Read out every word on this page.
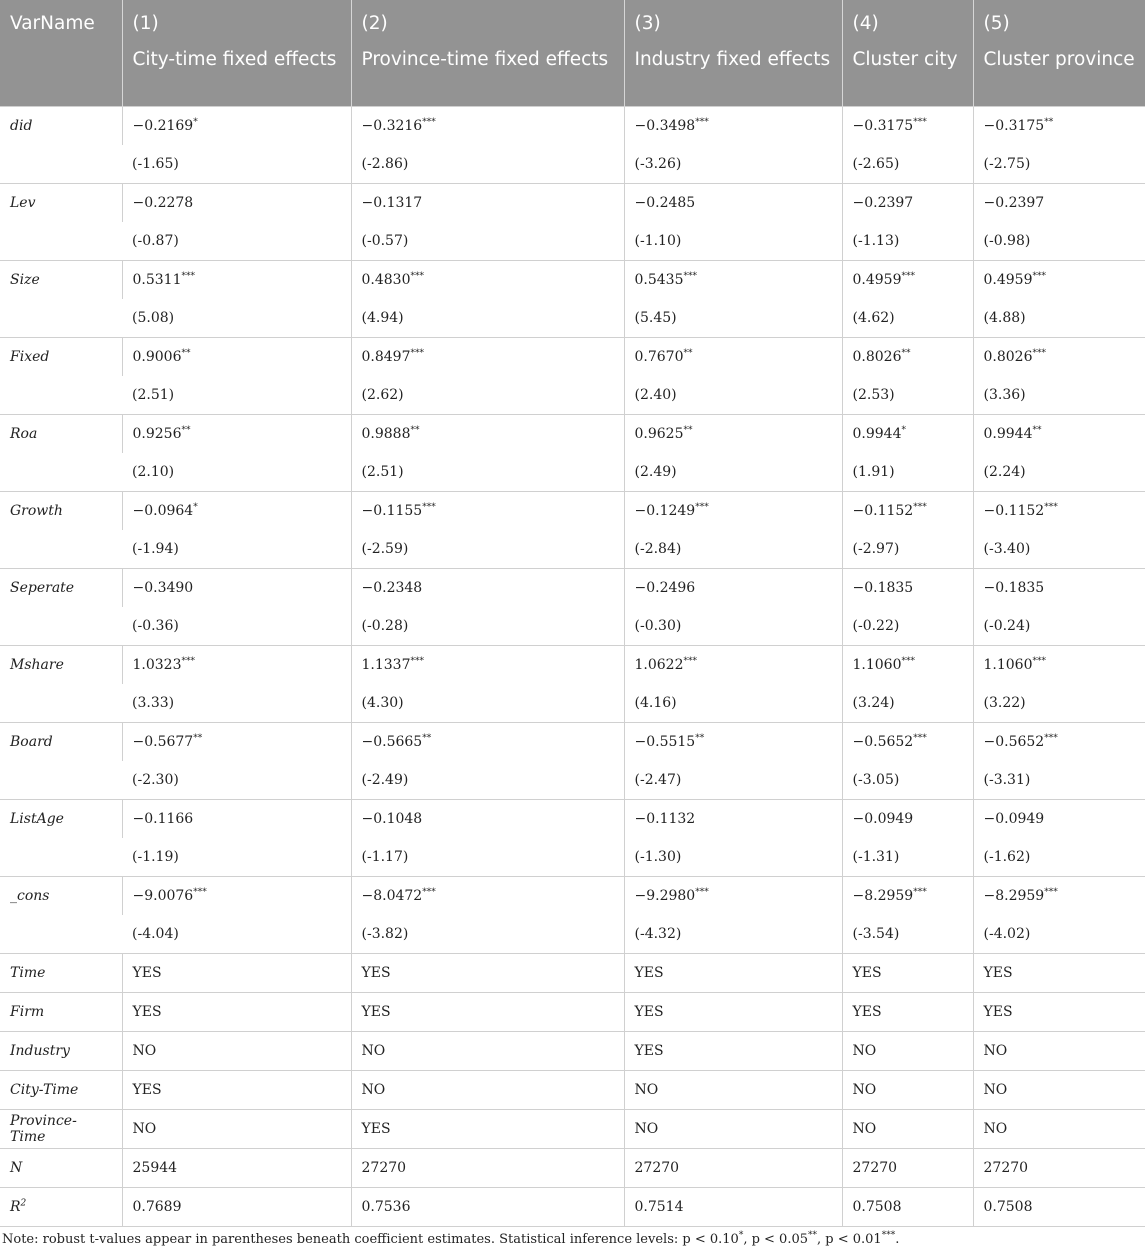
VarName	(1)	(2)	(3)	(4)	(5)
	City-time fixed effects	Province-time fixed effects	Industry fixed effects	Cluster city	Cluster province
did	−0.2169*	−0.3216***	−0.3498***	−0.3175***	−0.3175**
	(-1.65)	(-2.86)	(-3.26)	(-2.65)	(-2.75)
Lev	−0.2278	−0.1317	−0.2485	−0.2397	−0.2397
	(-0.87)	(-0.57)	(-1.10)	(-1.13)	(-0.98)
Size	0.5311***	0.4830***	0.5435***	0.4959***	0.4959***
	(5.08)	(4.94)	(5.45)	(4.62)	(4.88)
Fixed	0.9006**	0.8497***	0.7670**	0.8026**	0.8026***
	(2.51)	(2.62)	(2.40)	(2.53)	(3.36)
Roa	0.9256**	0.9888**	0.9625**	0.9944*	0.9944**
	(2.10)	(2.51)	(2.49)	(1.91)	(2.24)
Growth	−0.0964*	−0.1155***	−0.1249***	−0.1152***	−0.1152***
	(-1.94)	(-2.59)	(-2.84)	(-2.97)	(-3.40)
Seperate	−0.3490	−0.2348	−0.2496	−0.1835	−0.1835
	(-0.36)	(-0.28)	(-0.30)	(-0.22)	(-0.24)
Mshare	1.0323***	1.1337***	1.0622***	1.1060***	1.1060***
	(3.33)	(4.30)	(4.16)	(3.24)	(3.22)
Board	−0.5677**	−0.5665**	−0.5515**	−0.5652***	−0.5652***
	(-2.30)	(-2.49)	(-2.47)	(-3.05)	(-3.31)
ListAge	−0.1166	−0.1048	−0.1132	−0.0949	−0.0949
	(-1.19)	(-1.17)	(-1.30)	(-1.31)	(-1.62)
_cons	−9.0076***	−8.0472***	−9.2980***	−8.2959***	−8.2959***
	(-4.04)	(-3.82)	(-4.32)	(-3.54)	(-4.02)
Time	YES	YES	YES	YES	YES
Firm	YES	YES	YES	YES	YES
Industry	NO	NO	YES	NO	NO
City-Time	YES	NO	NO	NO	NO
Province-Time	NO	YES	NO	NO	NO
N	25944	27270	27270	27270	27270
$R^2$	0.7689	0.7536	0.7514	0.7508	0.7508
Note: robust t-values appear in parentheses beneath coefficient estimates. Statistical inference levels: p < 0.10*, p < 0.05**, p < 0.01***.
